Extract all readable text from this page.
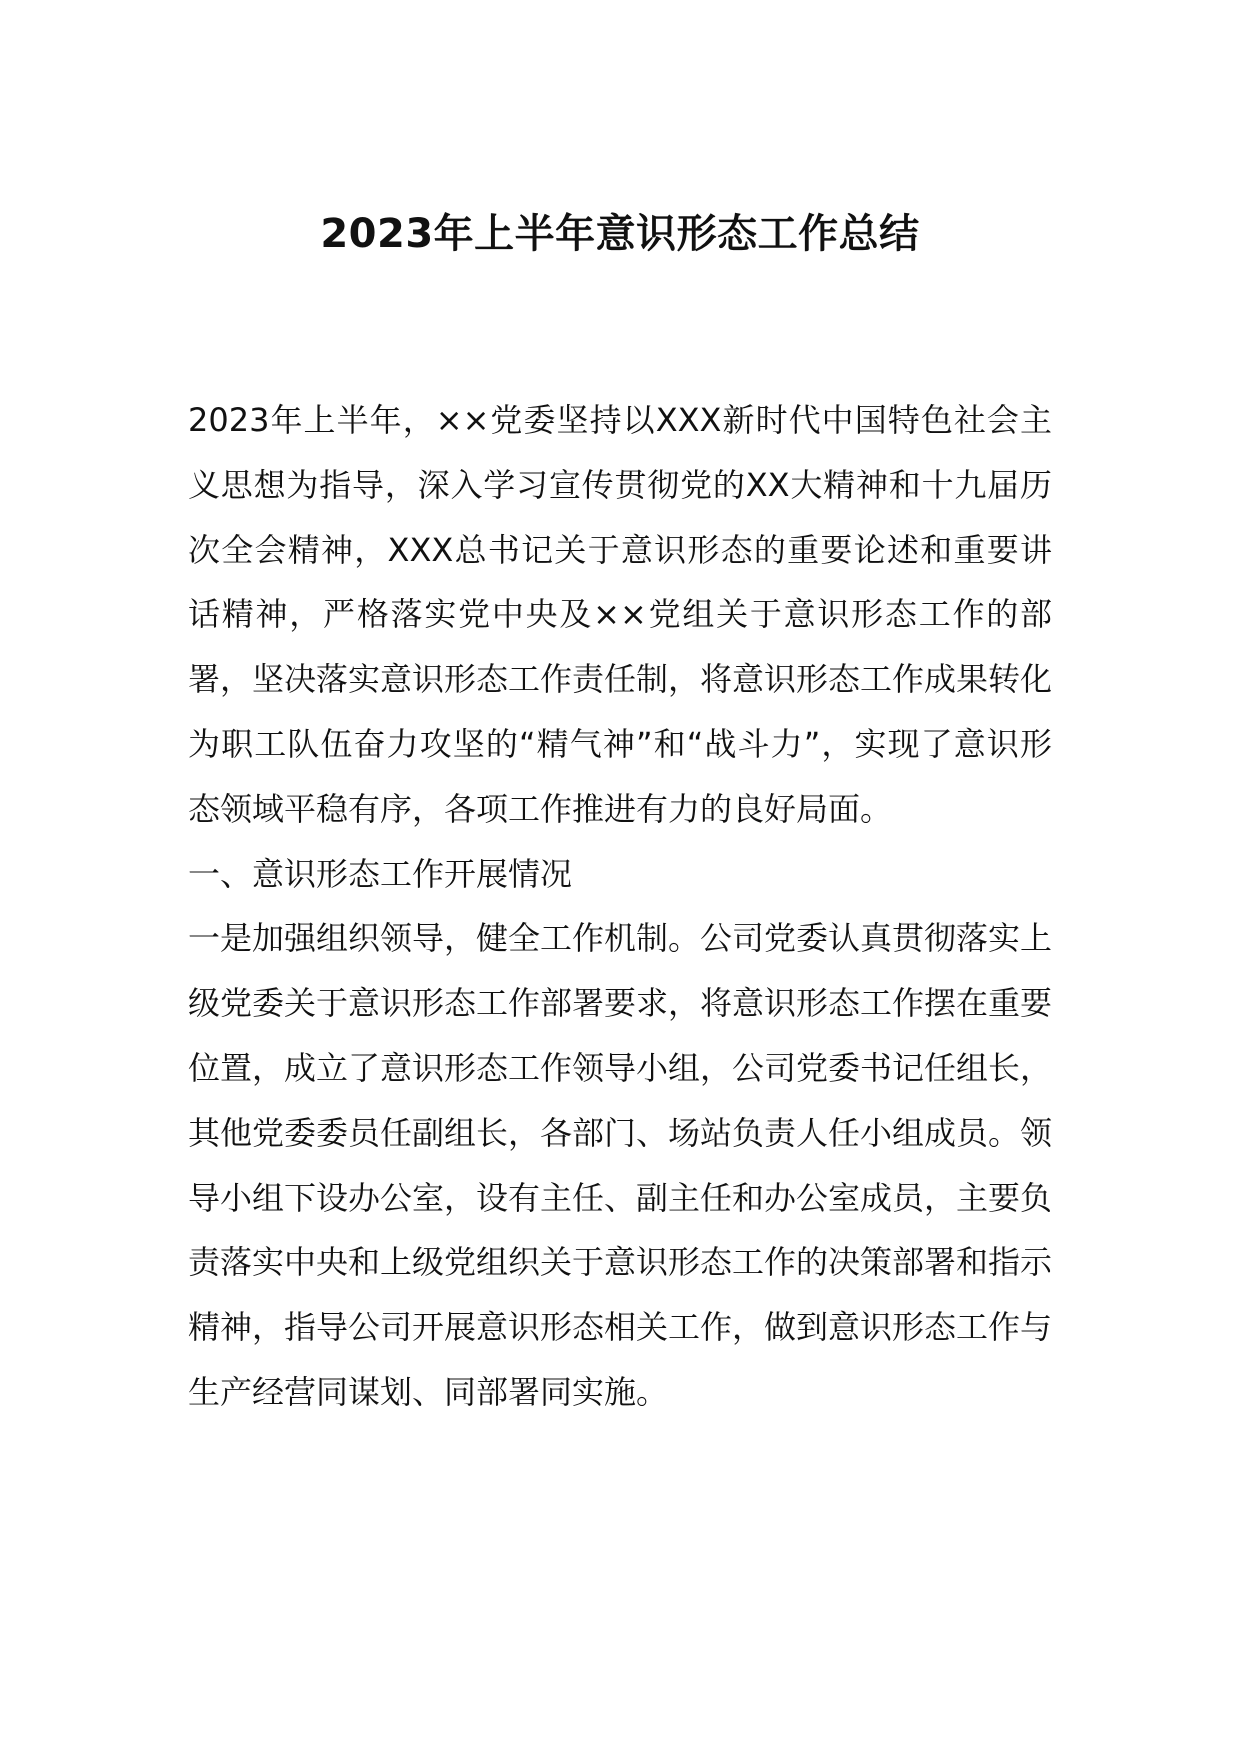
2023年上半年意识形态工作总结

2023年上半年，××党委坚持以XXX新时代中国特色社会主义思想为指导，深入学习宣传贯彻党的XX大精神和十九届历次全会精神，XXX总书记关于意识形态的重要论述和重要讲话精神，严格落实党中央及××党组关于意识形态工作的部署，坚决落实意识形态工作责任制，将意识形态工作成果转化为职工队伍奋力攻坚的“精气神”和“战斗力”，实现了意识形态领域平稳有序，各项工作推进有力的良好局面。

一、意识形态工作开展情况

一是加强组织领导，健全工作机制。公司党委认真贯彻落实上级党委关于意识形态工作部署要求，将意识形态工作摆在重要位置，成立了意识形态工作领导小组，公司党委书记任组长，其他党委委员任副组长，各部门、场站负责人任小组成员。领导小组下设办公室，设有主任、副主任和办公室成员，主要负责落实中央和上级党组织关于意识形态工作的决策部署和指示精神，指导公司开展意识形态相关工作，做到意识形态工作与生产经营同谋划、同部署同实施。
